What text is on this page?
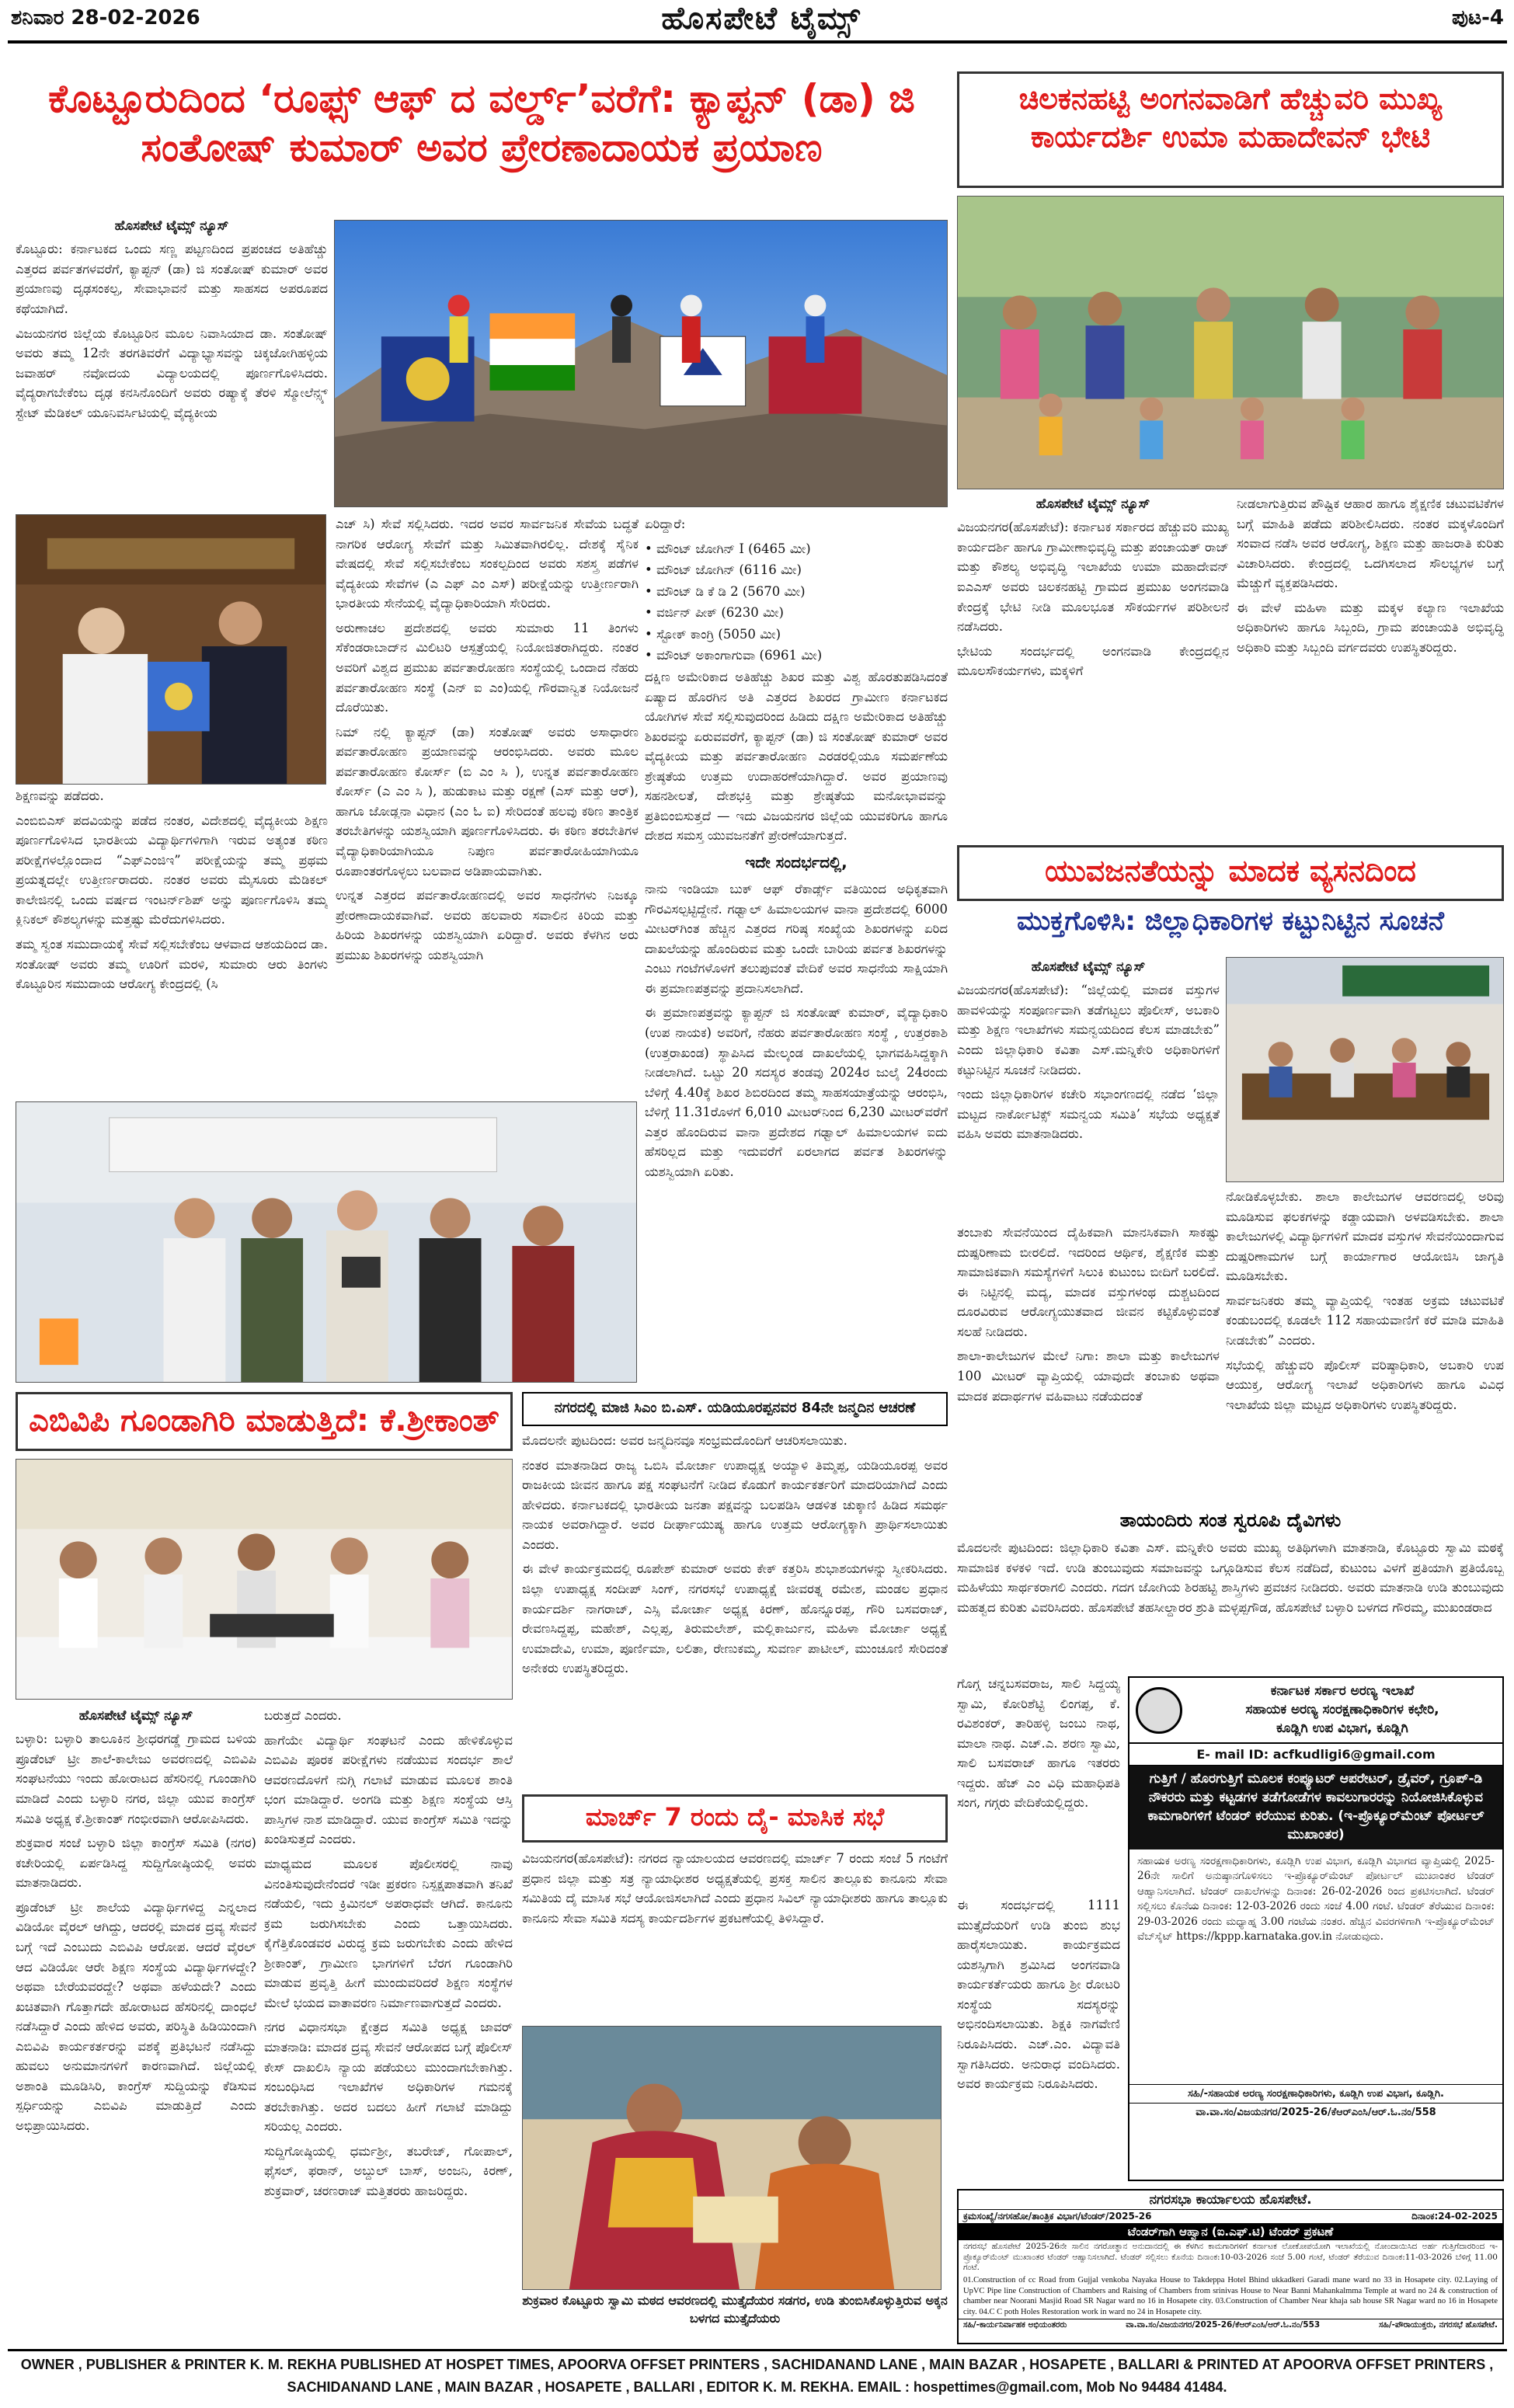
ಶನಿವಾರ 28-02-2026	ಹೊಸಪೇಟೆ ಟೈಮ್ಸ್	ಪುಟ-4
ಕೊಟ್ಟೂರುದಿಂದ ‘ರೂಫ್ಸ್ ಆಫ್ ದ ವರ್ಲ್ಡ್’ವರೆಗೆ: ಕ್ಯಾಪ್ಟನ್ (ಡಾ) ಜಿ ಸಂತೋಷ್ ಕುಮಾರ್ ಅವರ ಪ್ರೇರಣಾದಾಯಕ ಪ್ರಯಾಣ
ಹೊಸಪೇಟೆ ಟೈಮ್ಸ್ ನ್ಯೂಸ್

ಕೊಟ್ಟೂರು: ಕರ್ನಾಟಕದ ಒಂದು ಸಣ್ಣ ಪಟ್ಟಣದಿಂದ ಪ್ರಪಂಚದ ಅತಿಹೆಚ್ಚು ಎತ್ತರದ ಪರ್ವತಗಳವರೆಗೆ, ಕ್ಯಾಪ್ಟನ್ (ಡಾ) ಜಿ ಸಂತೋಷ್ ಕುಮಾರ್ ಅವರ ಪ್ರಯಾಣವು ದೃಢಸಂಕಲ್ಪ, ಸೇವಾಭಾವನೆ ಮತ್ತು ಸಾಹಸದ ಅಪರೂಪದ ಕಥೆಯಾಗಿದೆ.

ವಿಜಯನಗರ ಜಿಲ್ಲೆಯ ಕೊಟ್ಟೂರಿನ ಮೂಲ ನಿವಾಸಿಯಾದ ಡಾ. ಸಂತೋಷ್ ಅವರು ತಮ್ಮ 12ನೇ ತರಗತಿವರೆಗೆ ವಿದ್ಯಾಭ್ಯಾಸವನ್ನು ಚಿಕ್ಕಜೋಗಿಹಳ್ಳಿಯ ಜವಾಹರ್ ನವೋದಯ ವಿದ್ಯಾಲಯದಲ್ಲಿ ಪೂರ್ಣಗೊಳಿಸಿದರು. ವೈದ್ಯರಾಗಬೇಕೆಂಬ ದೃಢ ಕನಸಿನೊಂದಿಗೆ ಅವರು ರಷ್ಯಾಕ್ಕೆ ತೆರಳಿ ಸ್ಮೋಲೆನ್ಸ್ಕ್ ಸ್ಟೇಟ್ ಮೆಡಿಕಲ್ ಯೂನಿವರ್ಸಿಟಿಯಲ್ಲಿ ವೈದ್ಯಕೀಯ

ಶಿಕ್ಷಣವನ್ನು ಪಡೆದರು.

ಎಂಬಿಬಿಎಸ್ ಪದವಿಯನ್ನು ಪಡೆದ ನಂತರ, ವಿದೇಶದಲ್ಲಿ ವೈದ್ಯಕೀಯ ಶಿಕ್ಷಣ ಪೂರ್ಣಗೊಳಿಸಿದ ಭಾರತೀಯ ವಿದ್ಯಾರ್ಥಿಗಳಿಗಾಗಿ ಇರುವ ಅತ್ಯಂತ ಕಠಿಣ ಪರೀಕ್ಷೆಗಳಲ್ಲೊಂದಾದ “ಎಫ್‌ಎಂಜಿಇ” ಪರೀಕ್ಷೆಯನ್ನು ತಮ್ಮ ಪ್ರಥಮ ಪ್ರಯತ್ನದಲ್ಲೇ ಉತ್ತೀರ್ಣರಾದರು. ನಂತರ ಅವರು ಮೈಸೂರು ಮೆಡಿಕಲ್ ಕಾಲೇಜಿನಲ್ಲಿ ಒಂದು ವರ್ಷದ ಇಂಟರ್ನ್‌ಶಿಪ್ ಅನ್ನು ಪೂರ್ಣಗೊಳಿಸಿ ತಮ್ಮ ಕ್ಲಿನಿಕಲ್ ಕೌಶಲ್ಯಗಳನ್ನು ಮತ್ತಷ್ಟು ಮೆರೆದುಗಳಿಸಿದರು.

ತಮ್ಮ ಸ್ವಂತ ಸಮುದಾಯಕ್ಕೆ ಸೇವೆ ಸಲ್ಲಿಸಬೇಕೆಂಬ ಆಳವಾದ ಆಶಯದಿಂದ ಡಾ. ಸಂತೋಷ್ ಅವರು ತಮ್ಮ ಊರಿಗೆ ಮರಳಿ, ಸುಮಾರು ಆರು ತಿಂಗಳು ಕೊಟ್ಟೂರಿನ ಸಮುದಾಯ ಆರೋಗ್ಯ ಕೇಂದ್ರದಲ್ಲಿ (ಸಿ

ಎಚ್ ಸಿ) ಸೇವೆ ಸಲ್ಲಿಸಿದರು. ಇದರ ಅವರ ಸಾರ್ವಜನಿಕ ಸೇವೆಯ ಬದ್ಧತೆ ನಾಗರಿಕ ಆರೋಗ್ಯ ಸೇವೆಗೆ ಮತ್ತು ಸಿಮಿತವಾಗಿರಲಿಲ್ಲ. ದೇಶಕ್ಕೆ ಸೈನಿಕ ವೇಷದಲ್ಲಿ ಸೇವೆ ಸಲ್ಲಿಸಬೇಕೆಂಬ ಸಂಕಲ್ಪದಿಂದ ಅವರು ಸಶಸ್ತ್ರ ಪಡೆಗಳ ವೈದ್ಯಕೀಯ ಸೇವೆಗಳ (ಎ ಎಫ್ ಎಂ ಎಸ್) ಪರೀಕ್ಷೆಯನ್ನು ಉತ್ತೀರ್ಣರಾಗಿ ಭಾರತೀಯ ಸೇನೆಯಲ್ಲಿ ವೈದ್ಯಾಧಿಕಾರಿಯಾಗಿ ಸೇರಿದರು.

ಅರುಣಾಚಲ ಪ್ರದೇಶದಲ್ಲಿ ಅವರು ಸುಮಾರು 11 ತಿಂಗಳು ಸೆಕೆಂಡರಾಬಾದ್‌ನ ಮಿಲಿಟರಿ ಆಸ್ಪತ್ರೆಯಲ್ಲಿ ನಿಯೋಜಿತರಾಗಿದ್ದರು. ನಂತರ ಅವರಿಗೆ ವಿಶ್ವದ ಪ್ರಮುಖ ಪರ್ವತಾರೋಹಣ ಸಂಸ್ಥೆಯಲ್ಲಿ ಒಂದಾದ ನೆಹರು ಪರ್ವತಾರೋಹಣ ಸಂಸ್ಥೆ (ಎನ್ ಐ ಎಂ)ಯಲ್ಲಿ ಗೌರವಾನ್ವಿತ ನಿಯೋಜನೆ ದೊರೆಯಿತು.

ನಿಮ್ ನಲ್ಲಿ ಕ್ಯಾಪ್ಟನ್ (ಡಾ) ಸಂತೋಷ್ ಅವರು ಅಸಾಧಾರಣ ಪರ್ವತಾರೋಹಣ ಪ್ರಯಾಣವನ್ನು ಆರಂಭಿಸಿದರು. ಅವರು ಮೂಲ ಪರ್ವತಾರೋಹಣ ಕೋರ್ಸ್ (ಬಿ ಎಂ ಸಿ ), ಉನ್ನತ ಪರ್ವತಾರೋಹಣ ಕೋರ್ಸ್ (ಎ ಎಂ ಸಿ ), ಹುಡುಕಾಟ ಮತ್ತು ರಕ್ಷಣೆ (ಎಸ್ ಮತ್ತು ಆರ್), ಹಾಗೂ ಜೋಡ್ಲನಾ ವಿಧಾನ (ಎಂ ಓ ಐ) ಸೇರಿದಂತೆ ಹಲವು ಕಠಿಣ ತಾಂತ್ರಿಕ ತರಬೇತಿಗಳನ್ನು ಯಶಸ್ವಿಯಾಗಿ ಪೂರ್ಣಗೊಳಿಸಿದರು. ಈ ಕಠಿಣ ತರಬೇತಿಗಳ ವೈದ್ಯಾಧಿಕಾರಿಯಾಗಿಯೂ ನಿಪುಣ ಪರ್ವತಾರೋಹಿಯಾಗಿಯೂ ರೂಪಾಂತರಗೊಳ್ಳಲು ಬಲವಾದ ಅಡಿಪಾಯವಾಗಿತು.

ಉನ್ನತ ಎತ್ತರದ ಪರ್ವತಾರೋಹಣದಲ್ಲಿ ಅವರ ಸಾಧನೆಗಳು ನಿಜಕ್ಕೂ ಪ್ರೇರಣಾದಾಯಕವಾಗಿವೆ. ಅವರು ಹಲವಾರು ಸವಾಲಿನ ಕಿರಿಯ ಮತ್ತು ಹಿರಿಯ ಶಿಖರಗಳನ್ನು ಯಶಸ್ವಿಯಾಗಿ ಏರಿದ್ದಾರೆ. ಅವರು ಕೆಳಗಿನ ಅರು ಪ್ರಮುಖ ಶಿಖರಗಳನ್ನು ಯಶಸ್ವಿಯಾಗಿ

ಏರಿದ್ದಾರೆ:

• ಮೌಂಟ್ ಜೋಗಿನ್ I (6465 ಮೀ)
• ಮೌಂಟ್ ಜೋಗಿನ್ (6116 ಮೀ)
• ಮೌಂಟ್ ಡಿ ಕೆ ಡಿ 2 (5670 ಮೀ)
• ವರ್ಜಿನ್ ಪೀಕ್ (6230 ಮೀ)
• ಸ್ಟೋಕ್ ಕಾಂಗ್ರಿ (5050 ಮೀ)
• ಮೌಂಟ್ ಅಕಾಂಗಾಗುವಾ (6961 ಮೀ)

ದಕ್ಷಿಣ ಅಮೇರಿಕಾದ ಅತಿಹೆಚ್ಚು ಶಿಖರ ಮತ್ತು ವಿಶ್ವ ಹೊರತುಪಡಿಸಿದಂತೆ ಏಷ್ಯಾದ ಹೊರಗಿನ ಅತಿ ಎತ್ತರದ ಶಿಖರದ ಗ್ರಾಮೀಣ ಕರ್ನಾಟಕದ ಯೋಗಿಗಳ ಸೇವೆ ಸಲ್ಲಿಸುವುದರಿಂದ ಹಿಡಿದು ದಕ್ಷಿಣ ಅಮೇರಿಕಾದ ಅತಿಹೆಚ್ಚು ಶಿಖರವನ್ನು ಏರುವವರೆಗೆ, ಕ್ಯಾಪ್ಟನ್ (ಡಾ) ಜಿ ಸಂತೋಷ್ ಕುಮಾರ್ ಅವರ ವೈದ್ಯಕೀಯ ಮತ್ತು ಪರ್ವತಾರೋಹಣ ಎರಡರಲ್ಲಿಯೂ ಸಮರ್ಪಣೆಯ ಶ್ರೇಷ್ಠತೆಯ ಉತ್ತಮ ಉದಾಹರಣೆಯಾಗಿದ್ದಾರೆ. ಅವರ ಪ್ರಯಾಣವು ಸಹನಶೀಲತೆ, ದೇಶಭಕ್ತಿ ಮತ್ತು ಶ್ರೇಷ್ಠತೆಯ ಮನೋಭಾವವನ್ನು ಪ್ರತಿಬಿಂಬಿಸುತ್ತದೆ — ಇದು ವಿಜಯನಗರ ಜಿಲ್ಲೆಯ ಯುವಕರಿಗೂ ಹಾಗೂ ದೇಶದ ಸಮಸ್ತ ಯುವಜನತೆಗೆ ಪ್ರೇರಣೆಯಾಗುತ್ತದೆ.

ಇದೇ ಸಂದರ್ಭದಲ್ಲಿ,

ನಾನು ಇಂಡಿಯಾ ಬುಕ್ ಆಫ್ ರೆಕಾರ್ಡ್ಸ್ ವತಿಯಿಂದ ಅಧಿಕೃತವಾಗಿ ಗೌರವಿಸಲ್ಪಟ್ಟಿದ್ದೇನೆ. ಗಢ್ವಾಲ್ ಹಿಮಾಲಯಗಳ ವಾನಾ ಪ್ರದೇಶದಲ್ಲಿ 6000 ಮೀಟರ್‌ಗಿಂತ ಹೆಚ್ಚಿನ ಎತ್ತರದ ಗರಿಷ್ಠ ಸಂಖ್ಯೆಯ ಶಿಖರಗಳನ್ನು ಏರಿದ ದಾಖಲೆಯನ್ನು ಹೊಂದಿರುವ ಮತ್ತು ಒಂದೇ ಬಾರಿಯ ಪರ್ವತ ಶಿಖರಗಳನ್ನು ಎಂಟು ಗಂಟೆಗಳೊಳಗೆ ತಲುಪುವಂತೆ ವೇದಿಕೆ ಅವರ ಸಾಧನೆಯ ಸಾಕ್ಷಿಯಾಗಿ ಈ ಪ್ರಮಾಣಪತ್ರವನ್ನು ಪ್ರದಾನಿಸಲಾಗಿದೆ.

ಈ ಪ್ರಮಾಣಪತ್ರವನ್ನು ಕ್ಯಾಪ್ಟನ್ ಜಿ ಸಂತೋಷ್ ಕುಮಾರ್, ವೈದ್ಯಾಧಿಕಾರಿ (ಉಪ ನಾಯಕ) ಅವರಿಗೆ, ನೆಹರು ಪರ್ವತಾರೋಹಣ ಸಂಸ್ಥೆ , ಉತ್ತರಕಾಶಿ (ಉತ್ತರಾಖಂಡ) ಸ್ಥಾಪಿಸಿದ ಮೇಲ್ಕಂಡ ದಾಖಲೆಯಲ್ಲಿ ಭಾಗವಹಿಸಿದ್ದಕ್ಕಾಗಿ ನೀಡಲಾಗಿದೆ. ಒಟ್ಟು 20 ಸದಸ್ಯರ ತಂಡವು 2024ರ ಜುಲೈ 24ರಂದು ಬೆಳಿಗ್ಗೆ 4.40ಕ್ಕೆ ಶಿಖರ ಶಿಬಿರದಿಂದ ತಮ್ಮ ಸಾಹಸಯಾತ್ರೆಯನ್ನು ಆರಂಭಿಸಿ, ಬೆಳಿಗ್ಗೆ 11.31ರೊಳಗೆ 6,010 ಮೀಟರ್‌ನಿಂದ 6,230 ಮೀಟರ್‌ವರೆಗೆ ಎತ್ತರ ಹೊಂದಿರುವ ವಾನಾ ಪ್ರದೇಶದ ಗಢ್ವಾಲ್ ಹಿಮಾಲಯಗಳ ಐದು ಹೆಸರಿಲ್ಲದ ಮತ್ತು ಇದುವರೆಗೆ ಏರಲಾಗದ ಪರ್ವತ ಶಿಖರಗಳನ್ನು ಯಶಸ್ವಿಯಾಗಿ ಏರಿತು.

ಚಿಲಕನಹಟ್ಟಿ ಅಂಗನವಾಡಿಗೆ ಹೆಚ್ಚುವರಿ ಮುಖ್ಯ ಕಾರ್ಯದರ್ಶಿ ಉಮಾ ಮಹಾದೇವನ್ ಭೇಟಿ
ಹೊಸಪೇಟೆ ಟೈಮ್ಸ್ ನ್ಯೂಸ್

ವಿಜಯನಗರ(ಹೊಸಪೇಟೆ): ಕರ್ನಾಟಕ ಸರ್ಕಾರದ ಹೆಚ್ಚುವರಿ ಮುಖ್ಯ ಕಾರ್ಯದರ್ಶಿ ಹಾಗೂ ಗ್ರಾಮೀಣಾಭಿವೃದ್ಧಿ ಮತ್ತು ಪಂಚಾಯತ್ ರಾಜ್ ಮತ್ತು ಕೌಶಲ್ಯ ಅಭಿವೃದ್ಧಿ ಇಲಾಖೆಯ ಉಮಾ ಮಹಾದೇವನ್ ಐಎಎಸ್ ಅವರು ಚಿಲಕನಹಟ್ಟಿ ಗ್ರಾಮದ ಪ್ರಮುಖ ಅಂಗನವಾಡಿ ಕೇಂದ್ರಕ್ಕೆ ಭೇಟಿ ನೀಡಿ ಮೂಲಭೂತ ಸೌಕರ್ಯಗಳ ಪರಿಶೀಲನೆ ನಡೆಸಿದರು.

ಭೇಟಿಯ ಸಂದರ್ಭದಲ್ಲಿ ಅಂಗನವಾಡಿ ಕೇಂದ್ರದಲ್ಲಿನ ಮೂಲಸೌಕರ್ಯಗಳು, ಮಕ್ಕಳಿಗೆ

ನೀಡಲಾಗುತ್ತಿರುವ ಪೌಷ್ಟಿಕ ಆಹಾರ ಹಾಗೂ ಶೈಕ್ಷಣಿಕ ಚಟುವಟಿಕೆಗಳ ಬಗ್ಗೆ ಮಾಹಿತಿ ಪಡೆದು ಪರಿಶೀಲಿಸಿದರು. ನಂತರ ಮಕ್ಕಳೊಂದಿಗೆ ಸಂವಾದ ನಡೆಸಿ ಅವರ ಆರೋಗ್ಯ, ಶಿಕ್ಷಣ ಮತ್ತು ಹಾಜರಾತಿ ಕುರಿತು ವಿಚಾರಿಸಿದರು. ಕೇಂದ್ರದಲ್ಲಿ ಒದಗಿಸಲಾದ ಸೌಲಭ್ಯಗಳ ಬಗ್ಗೆ ಮೆಚ್ಚುಗೆ ವ್ಯಕ್ತಪಡಿಸಿದರು.

ಈ ವೇಳೆ ಮಹಿಳಾ ಮತ್ತು ಮಕ್ಕಳ ಕಲ್ಯಾಣ ಇಲಾಖೆಯ ಅಧಿಕಾರಿಗಳು ಹಾಗೂ ಸಿಬ್ಬಂದಿ, ಗ್ರಾಮ ಪಂಚಾಯತಿ ಅಭಿವೃದ್ಧಿ ಅಧಿಕಾರಿ ಮತ್ತು ಸಿಬ್ಬಂದಿ ವರ್ಗದವರು ಉಪಸ್ಥಿತರಿದ್ದರು.

ಯುವಜನತೆಯನ್ನು ಮಾದಕ ವ್ಯಸನದಿಂದ
ಮುಕ್ತಗೊಳಿಸಿ: ಜಿಲ್ಲಾಧಿಕಾರಿಗಳ ಕಟ್ಟುನಿಟ್ಟಿನ ಸೂಚನೆ
ಹೊಸಪೇಟೆ ಟೈಮ್ಸ್ ನ್ಯೂಸ್

ವಿಜಯನಗರ(ಹೊಸಪೇಟೆ): “ಜಿಲ್ಲೆಯಲ್ಲಿ ಮಾದಕ ವಸ್ತುಗಳ ಹಾವಳಿಯನ್ನು ಸಂಪೂರ್ಣವಾಗಿ ತಡೆಗಟ್ಟಲು ಪೊಲೀಸ್, ಅಬಕಾರಿ ಮತ್ತು ಶಿಕ್ಷಣ ಇಲಾಖೆಗಳು ಸಮನ್ವಯದಿಂದ ಕೆಲಸ ಮಾಡಬೇಕು” ಎಂದು ಜಿಲ್ಲಾಧಿಕಾರಿ ಕವಿತಾ ಎಸ್.ಮನ್ನಿಕೇರಿ ಅಧಿಕಾರಿಗಳಿಗೆ ಕಟ್ಟುನಿಟ್ಟಿನ ಸೂಚನೆ ನೀಡಿದರು.

ಇಂದು ಜಿಲ್ಲಾಧಿಕಾರಿಗಳ ಕಚೇರಿ ಸಭಾಂಗಣದಲ್ಲಿ ನಡೆದ ‘ಜಿಲ್ಲಾ ಮಟ್ಟದ ನಾರ್ಕೋಟಿಕ್ಸ್ ಸಮನ್ವಯ ಸಮಿತಿ’ ಸಭೆಯ ಅಧ್ಯಕ್ಷತೆ ವಹಿಸಿ ಅವರು ಮಾತನಾಡಿದರು.

ತಂಬಾಕು ಸೇವನೆಯಿಂದ ದೈಹಿಕವಾಗಿ ಮಾನಸಿಕವಾಗಿ ಸಾಕಷ್ಟು ದುಷ್ಪರಿಣಾಮ ಬೀರಲಿದೆ. ಇದರಿಂದ ಆರ್ಥಿಕ, ಶೈಕ್ಷಣಿಕ ಮತ್ತು ಸಾಮಾಜಿಕವಾಗಿ ಸಮಸ್ಯೆಗಳಿಗೆ ಸಿಲುಕಿ ಕುಟುಂಬ ಬೀದಿಗೆ ಬರಲಿದೆ. ಈ ನಿಟ್ಟಿನಲ್ಲಿ ಮದ್ಯ, ಮಾದಕ ವಸ್ತುಗಳಂಥ ದುಶ್ಚಟದಿಂದ ದೂರವಿರುವ ಆರೋಗ್ಯಯುತವಾದ ಜೀವನ ಕಟ್ಟಿಕೊಳ್ಳುವಂತೆ ಸಲಹೆ ನೀಡಿದರು.

ಶಾಲಾ-ಕಾಲೇಜುಗಳ ಮೇಲೆ ನಿಗಾ: ಶಾಲಾ ಮತ್ತು ಕಾಲೇಜುಗಳ 100 ಮೀಟರ್ ವ್ಯಾಪ್ತಿಯಲ್ಲಿ ಯಾವುದೇ ತಂಬಾಕು ಅಥವಾ ಮಾದಕ ಪದಾರ್ಥಗಳ ವಹಿವಾಟು ನಡೆಯದಂತೆ

ನೋಡಿಕೊಳ್ಳಬೇಕು. ಶಾಲಾ ಕಾಲೇಜುಗಳ ಆವರಣದಲ್ಲಿ ಅರಿವು ಮೂಡಿಸುವ ಫಲಕಗಳನ್ನು ಕಡ್ಡಾಯವಾಗಿ ಅಳವಡಿಸಬೇಕು. ಶಾಲಾ ಕಾಲೇಜುಗಳಲ್ಲಿ ವಿದ್ಯಾರ್ಥಿಗಳಿಗೆ ಮಾದಕ ವಸ್ತುಗಳ ಸೇವನೆಯಿಂದಾಗುವ ದುಷ್ಪರಿಣಾಮಗಳ ಬಗ್ಗೆ ಕಾರ್ಯಾಗಾರ ಆಯೋಜಿಸಿ ಜಾಗೃತಿ ಮೂಡಿಸಬೇಕು.

ಸಾರ್ವಜನಿಕರು ತಮ್ಮ ವ್ಯಾಪ್ತಿಯಲ್ಲಿ ಇಂತಹ ಅಕ್ರಮ ಚಟುವಟಿಕೆ ಕಂಡುಬಂದಲ್ಲಿ ಕೂಡಲೇ 112 ಸಹಾಯವಾಣಿಗೆ ಕರೆ ಮಾಡಿ ಮಾಹಿತಿ ನೀಡಬೇಕು” ಎಂದರು.

ಸಭೆಯಲ್ಲಿ ಹೆಚ್ಚುವರಿ ಪೊಲೀಸ್ ವರಿಷ್ಠಾಧಿಕಾರಿ, ಅಬಕಾರಿ ಉಪ ಆಯುಕ್ತ, ಆರೋಗ್ಯ ಇಲಾಖೆ ಅಧಿಕಾರಿಗಳು ಹಾಗೂ ವಿವಿಧ ಇಲಾಖೆಯ ಜಿಲ್ಲಾ ಮಟ್ಟದ ಅಧಿಕಾರಿಗಳು ಉಪಸ್ಥಿತರಿದ್ದರು.

ತಾಯಂದಿರು ಸಂತ ಸ್ವರೂಪಿ ದೈವಿಗಳು
ಮೊದಲನೇ ಪುಟದಿಂದ: ಜಿಲ್ಲಾಧಿಕಾರಿ ಕವಿತಾ ಎಸ್. ಮನ್ನಿಕೇರಿ ಅವರು ಮುಖ್ಯ ಅತಿಥಿಗಳಾಗಿ ಮಾತನಾಡಿ, ಕೊಟ್ಟೂರು ಸ್ವಾಮಿ ಮಠಕ್ಕೆ ಸಾಮಾಜಿಕ ಕಳಕಳಿ ಇದೆ. ಉಡಿ ತುಂಬುವುದು ಸಮಾಜವನ್ನು ಒಗ್ಗೂಡಿಸುವ ಕೆಲಸ ನಡೆದಿದೆ, ಕುಟುಂಬ ವಿಳಗೆ ಪ್ರತಿಯಾಗಿ ಪ್ರತಿಯೊಬ್ಬ ಮಹಿಳೆಯು ಸಾರ್ಥಕರಾಗಲಿ ಎಂದರು. ಗದಗ ಜೋಗಿಯ ಶಿರಹಟ್ಟಿ ಶಾಸ್ತ್ರಿಗಳು ಪ್ರವಚನ ನೀಡಿದರು. ಅವರು ಮಾತನಾಡಿ ಉಡಿ ತುಂಬುವುದು ಮಹತ್ವದ ಕುರಿತು ವಿವರಿಸಿದರು. ಹೊಸಪೇಟೆ ತಹಸೀಲ್ದಾರರ ಶ್ರುತಿ ಮಳ್ಳಪ್ಪಗೌಡ, ಹೊಸಪೇಟೆ ಬಳ್ಳಾರಿ ಬಳಗದ ಗೌರಮ್ಮ, ಮುಖಂಡರಾದ
ಗೊಗ್ಗ ಚನ್ನಬಸವರಾಜ, ಸಾಲಿ ಸಿದ್ದಯ್ಯ ಸ್ವಾಮಿ, ಕೋರಿಶೆಟ್ಟಿ ಲಿಂಗಪ್ಪ, ಕೆ. ರವಿಶಂಕರ್, ತಾರಿಹಳ್ಳಿ ಜಂಬು ನಾಥ, ಮಾಲಾ ನಾಥ. ಎಚ್.ಎ. ಶರಣ ಸ್ವಾಮಿ, ಸಾಲಿ ಬಸವರಾಜ್ ಹಾಗೂ ಇತರರು ಇದ್ದರು. ಹೆಚ್ ಎಂ ವಿಧಿ ಮಹಾಧಿಪತಿ ಸಂಗ, ಗಗ್ಗರು ವೇದಿಕೆಯಲ್ಲಿದ್ದರು.
ಈ ಸಂದರ್ಭದಲ್ಲಿ 1111 ಮುತ್ತೈದೆಯರಿಗೆ ಉಡಿ ತುಂಬಿ ಶುಭ ಹಾರೈಸಲಾಯಿತು. ಕಾರ್ಯಕ್ರಮದ ಯಶಸ್ಸಿಗಾಗಿ ಶ್ರಮಿಸಿದ ಅಂಗನವಾಡಿ ಕಾರ್ಯಕರ್ತೆಯರು ಹಾಗೂ ಶ್ರೀ ರೋಟರಿ ಸಂಸ್ಥೆಯ ಸದಸ್ಯರನ್ನು ಅಭಿನಂದಿಸಲಾಯಿತು. ಶಿಕ್ಷಕಿ ನಾಗವೇಣಿ ನಿರೂಪಿಸಿದರು. ಎಚ್.ಎಂ. ವಿದ್ಯಾವತಿ ಸ್ವಾಗತಿಸಿದರು. ಅನುರಾಧ ವಂದಿಸಿದರು. ಅವರ ಕಾರ್ಯಕ್ರಮ ನಿರೂಪಿಸಿದರು.
ಕರ್ನಾಟಕ ಸರ್ಕಾರ ಅರಣ್ಯ ಇಲಾಖೆ
ಸಹಾಯಕ ಅರಣ್ಯ ಸಂರಕ್ಷಣಾಧಿಕಾರಿಗಳ ಕಛೇರಿ,
ಕೂಡ್ಲಿಗಿ ಉಪ ವಿಭಾಗ, ಕೂಡ್ಲಿಗಿ
E- mail ID: acfkudligi6@gmail.com
ಗುತ್ತಿಗೆ / ಹೊರಗುತ್ತಿಗೆ ಮೂಲಕ ಕಂಪ್ಯೂಟರ್ ಆಪರೇಟರ್, ಡ್ರೈವರ್, ಗ್ರೂಪ್-ಡಿ ನೌಕರರು ಮತ್ತು ಕಟ್ಟಡಗಳ ತಡೆಗೋಡೆಗಳ ಕಾವಲುಗಾರರನ್ನು ನಿಯೋಜಿಸಿಕೊಳ್ಳುವ ಕಾಮಗಾರಿಗಳಿಗೆ ಟೆಂಡರ್ ಕರೆಯುವ ಕುರಿತು. (ಇ-ಪ್ರೊಕ್ಯೂರ್‌ಮೆಂಟ್ ಪೋರ್ಟಲ್ ಮುಖಾಂತರ)
ಸಹಾಯಕ ಅರಣ್ಯ ಸಂರಕ್ಷಣಾಧಿಕಾರಿಗಳು, ಕೂಡ್ಲಿಗಿ ಉಪ ವಿಭಾಗ, ಕೂಡ್ಲಿಗಿ ವಿಭಾಗದ ವ್ಯಾಪ್ತಿಯಲ್ಲಿ 2025-26ನೇ ಸಾಲಿಗೆ ಅನುಷ್ಠಾನಗೊಳಿಸಲು ಇ-ಪ್ರೊಕ್ಯೂರ್‌ಮೆಂಟ್ ಪೋರ್ಟಲ್ ಮುಖಾಂತರ ಟೆಂಡರ್ ಆಹ್ವಾನಿಸಲಾಗಿದೆ. ಟೆಂಡರ್ ದಾಖಲೆಗಳನ್ನು ದಿನಾಂಕ: 26-02-2026 ರಿಂದ ಪ್ರಕಟಿಸಲಾಗಿದೆ. ಟೆಂಡರ್ ಸಲ್ಲಿಸಲು ಕೊನೆಯ ದಿನಾಂಕ: 12-03-2026 ರಂದು ಸಂಜೆ 4.00 ಗಂಟೆ. ಟೆಂಡರ್ ತೆರೆಯುವ ದಿನಾಂಕ: 29-03-2026 ರಂದು ಮಧ್ಯಾಹ್ನ 3.00 ಗಂಟೆಯ ನಂತರ. ಹೆಚ್ಚಿನ ವಿವರಗಳಿಗಾಗಿ ಇ-ಪ್ರೊಕ್ಯೂರ್‌ಮೆಂಟ್ ವೆಬ್‌ಸೈಟ್ https://kppp.karnataka.gov.in ನೋಡುವುದು.
ಸಹಿ/-ಸಹಾಯಕ ಅರಣ್ಯ ಸಂರಕ್ಷಣಾಧಿಕಾರಿಗಳು, ಕೂಡ್ಲಿಗಿ ಉಪ ವಿಭಾಗ, ಕೂಡ್ಲಿಗಿ.
ವಾ.ವಾ.ಸಂ/ವಿಜಯನಗರ/2025-26/ಕೆಆರ್‌ಎಂಸಿ/ಆರ್.ಓ.ನಂ/558
ಎಬಿವಿಪಿ ಗೂಂಡಾಗಿರಿ ಮಾಡುತ್ತಿದೆ: ಕೆ.ಶ್ರೀಕಾಂತ್
ಹೊಸಪೇಟೆ ಟೈಮ್ಸ್ ನ್ಯೂಸ್

ಬಳ್ಳಾರಿ: ಬಳ್ಳಾರಿ ತಾಲೂಕಿನ ಶ್ರೀಧರಗಡ್ಡೆ ಗ್ರಾಮದ ಬಳಿಯ ಪ್ರೂಡೆಂಟ್ ಟ್ರೀ ಶಾಲೆ-ಕಾಲೇಜು ಅವರಣದಲ್ಲಿ ಎಬಿವಿಪಿ ಸಂಘಟನೆಯು ಇಂದು ಹೋರಾಟದ ಹೆಸರಿನಲ್ಲಿ ಗೂಂಡಾಗಿರಿ ಮಾಡಿದೆ ಎಂದು ಬಳ್ಳಾರಿ ನಗರ, ಜಿಲ್ಲಾ ಯುವ ಕಾಂಗ್ರೆಸ್ ಸಮಿತಿ ಅಧ್ಯಕ್ಷ ಕೆ.ಶ್ರೀಕಾಂತ್ ಗಂಭೀರವಾಗಿ ಆರೋಪಿಸಿದರು.

ಶುಕ್ರವಾರ ಸಂಜೆ ಬಳ್ಳಾರಿ ಜಿಲ್ಲಾ ಕಾಂಗ್ರೆಸ್ ಸಮಿತಿ (ನಗರ) ಕಚೇರಿಯಲ್ಲಿ ಏರ್ಪಡಿಸಿದ್ದ ಸುದ್ದಿಗೋಷ್ಠಿಯಲ್ಲಿ ಅವರು ಮಾತನಾಡಿದರು.

ಪ್ರೂಡೆಂಟ್ ಟ್ರೀ ಶಾಲೆಯ ವಿದ್ಯಾರ್ಥಿಗಳಿದ್ದ ಎನ್ನಲಾದ ವಿಡಿಯೋ ವೈರಲ್ ಆಗಿದ್ದು, ಆದರಲ್ಲಿ ಮಾದಕ ದ್ರವ್ಯ ಸೇವನೆ ಬಗ್ಗೆ ಇದೆ ಎಂಬುದು ಎಬಿವಿಪಿ ಆರೋಪ. ಆದರೆ ವೈರಲ್ ಆದ ವಿಡಿಯೋ ಆರೇ ಶಿಕ್ಷಣ ಸಂಸ್ಥೆಯ ವಿದ್ಯಾರ್ಥಿಗಳದ್ದೇ? ಅಥವಾ ಬೇರೆಯವರದ್ದೇ? ಅಥವಾ ಹಳೆಯದೇ? ಎಂದು ಖಚಿತವಾಗಿ ಗೊತ್ತಾಗದೇ ಹೋರಾಟದ ಹೆಸರಿನಲ್ಲಿ ದಾಂಧಲೆ ನಡೆಸಿದ್ದಾರೆ ಎಂದು ಹೇಳಿದ ಅವರು, ಪರಿಸ್ಥಿತಿ ಹಿಡಿಯಿಂದಾಗಿ ಎಬಿವಿಪಿ ಕಾರ್ಯಕರ್ತರನ್ನು ವಶಕ್ಕೆ ಪ್ರತಿಭಟನೆ ನಡೆಸಿದ್ದು ಹುವಲು ಅನುಮಾನಗಳಿಗೆ ಕಾರಣವಾಗಿದೆ. ಜಿಲ್ಲೆಯಲ್ಲಿ ಅಶಾಂತಿ ಮೂಡಿಸಿರಿ, ಕಾಂಗ್ರೆಸ್ ಸುದ್ದಿಯನ್ನು ಕೆಡಿಸುವ ಸ್ಪರ್ಧಿಯನ್ನು ಎಬಿವಿಪಿ ಮಾಡುತ್ತಿದೆ ಎಂದು ಅಭಿಪ್ರಾಯಿಸಿದರು.

ಬರುತ್ತದೆ ಎಂದರು.

ಹಾಗೆಯೇ ವಿದ್ಯಾರ್ಥಿ ಸಂಘಟನೆ ಎಂದು ಹೇಳಿಕೊಳ್ಳುವ ಎಬಿವಿಪಿ ಪೂರಕ ಪರೀಕ್ಷೆಗಳು ನಡೆಯುವ ಸಂದರ್ಭ ಶಾಲೆ ಆವರಣದೊಳಗೆ ನುಗ್ಗಿ ಗಲಾಟೆ ಮಾಡುವ ಮೂಲಕ ಶಾಂತಿ ಭಂಗ ಮಾಡಿದ್ದಾರೆ. ಅಂಗಡಿ ಮತ್ತು ಶಿಕ್ಷಣ ಸಂಸ್ಥೆಯ ಆಸ್ತಿ ಪಾಸ್ತಿಗಳ ನಾಶ ಮಾಡಿದ್ದಾರೆ. ಯುವ ಕಾಂಗ್ರೆಸ್ ಸಮಿತಿ ಇದನ್ನು ಖಂಡಿಸುತ್ತದೆ ಎಂದರು.

ಮಾಧ್ಯಮದ ಮೂಲಕ ಪೊಲೀಸರಲ್ಲಿ ನಾವು ವಿನಂತಿಸುವುದೇನೆಂದರೆ ಇಡೀ ಪ್ರಕರಣ ನಿಸ್ಪಕ್ಷಪಾತವಾಗಿ ತನಿಖೆ ನಡೆಯಲಿ, ಇದು ಕ್ರಿಮಿನಲ್ ಅಪರಾಧವೇ ಆಗಿದೆ. ಕಾನೂನು ಕ್ರಮ ಜರುಗಿಸಬೇಕು ಎಂದು ಒತ್ತಾಯಿಸಿದರು. ಕೈಗೆತ್ತಿಕೊಂಡವರ ವಿರುದ್ಧ ಕ್ರಮ ಜರುಗಬೇಕು ಎಂದು ಹೇಳಿದ ಶ್ರೀಕಾಂತ್, ಗ್ರಾಮೀಣ ಭಾಗಗಳಿಗೆ ಬೆರಗ ಗೂಂಡಾಗಿರಿ ಮಾಡುವ ಪ್ರವೃತ್ತಿ ಹೀಗೆ ಮುಂದುವರಿದರೆ ಶಿಕ್ಷಣ ಸಂಸ್ಥೆಗಳ ಮೇಲೆ ಭಯದ ವಾತಾವರಣ ನಿರ್ಮಾಣವಾಗುತ್ತದೆ ಎಂದರು.

ನಗರ ವಿಧಾನಸಭಾ ಕ್ಷೇತ್ರದ ಸಮಿತಿ ಅಧ್ಯಕ್ಷ ಜಾವರ್ ಮಾತನಾಡಿ: ಮಾದಕ ದ್ರವ್ಯ ಸೇವನೆ ಆರೋಪದ ಬಗ್ಗೆ ಪೊಲೀಸ್ ಕೇಸ್ ದಾಖಲಿಸಿ ನ್ಯಾಯ ಪಡೆಯಲು ಮುಂದಾಗಬೇಕಾಗಿತ್ತು. ಸಂಬಂಧಿಸಿದ ಇಲಾಖೆಗಳ ಅಧಿಕಾರಿಗಳ ಗಮನಕ್ಕೆ ತರಬೇಕಾಗಿತ್ತು. ಅದರ ಬದಲು ಹೀಗೆ ಗಲಾಟೆ ಮಾಡಿದ್ದು ಸರಿಯಲ್ಲ ಎಂದರು.

ಸುದ್ದಿಗೋಷ್ಠಿಯಲ್ಲಿ ಧರ್ಮಶ್ರೀ, ತಬರೇಜ್, ಗೋಪಾಲ್, ಫೈಸಲ್, ಫರಾನ್, ಅಬ್ದುಲ್ ಬಾಸ್, ಅಂಜನಿ, ಕಿರಣ್, ಶುಕ್ರವಾರ್, ಚರಣರಾಜ್ ಮತ್ತಿತರರು ಹಾಜರಿದ್ದರು.

ನಗರದಲ್ಲಿ ಮಾಜಿ ಸಿಎಂ ಬಿ.ಎಸ್. ಯಡಿಯೂರಪ್ಪನವರ 84ನೇ ಜನ್ಮದಿನ ಆಚರಣೆ

ಮೊದಲನೇ ಪುಟದಿಂದ: ಅವರ ಜನ್ಮದಿನವೂ ಸಂಭ್ರಮದೊಂದಿಗೆ ಆಚರಿಸಲಾಯಿತು.

ನಂತರ ಮಾತನಾಡಿದ ರಾಜ್ಯ ಒಬಿಸಿ ಮೋರ್ಚಾ ಉಪಾಧ್ಯಕ್ಷ ಅಯ್ಯಾಳಿ ತಿಮ್ಮಪ್ಪ, ಯಡಿಯೂರಪ್ಪ ಅವರ ರಾಜಕೀಯ ಜೀವನ ಹಾಗೂ ಪಕ್ಷ ಸಂಘಟನೆಗೆ ನೀಡಿದ ಕೊಡುಗೆ ಕಾರ್ಯಕರ್ತರಿಗೆ ಮಾದರಿಯಾಗಿದೆ ಎಂದು ಹೇಳಿದರು. ಕರ್ನಾಟಕದಲ್ಲಿ ಭಾರತೀಯ ಜನತಾ ಪಕ್ಷವನ್ನು ಬಲಪಡಿಸಿ ಆಡಳಿತ ಚುಕ್ಕಾಣಿ ಹಿಡಿದ ಸಮರ್ಥ ನಾಯಕ ಅವರಾಗಿದ್ದಾರೆ. ಅವರ ದೀರ್ಘಾಯುಷ್ಯ ಹಾಗೂ ಉತ್ತಮ ಆರೋಗ್ಯಕ್ಕಾಗಿ ಪ್ರಾರ್ಥಿಸಲಾಯಿತು ಎಂದರು.

ಈ ವೇಳೆ ಕಾರ್ಯಕ್ರಮದಲ್ಲಿ ರೂಪೇಶ್ ಕುಮಾರ್ ಅವರು ಕೇಕ್ ಕತ್ತರಿಸಿ ಶುಭಾಶಯಗಳನ್ನು ಸ್ವೀಕರಿಸಿದರು. ಜಿಲ್ಲಾ ಉಪಾಧ್ಯಕ್ಷ ಸಂದೀಪ್ ಸಿಂಗ್, ನಗರಸಭೆ ಉಪಾಧ್ಯಕ್ಷೆ ಜೀವರತ್ನ ರಮೇಶ, ಮಂಡಲ ಪ್ರಧಾನ ಕಾರ್ಯದರ್ಶಿ ನಾಗರಾಜ್, ಎಸ್ಸಿ ಮೋರ್ಚಾ ಅಧ್ಯಕ್ಷ ಕಿರಣ್, ಹೊನ್ನೂರಪ್ಪ, ಗೌರಿ ಬಸವರಾಜ್, ರೇವಣಸಿದ್ದಪ್ಪ, ಮಹೇಶ್, ಎಲ್ಲಪ್ಪ, ತಿರುಮಲೇಶ್, ಮಲ್ಲಿಕಾರ್ಜುನ, ಮಹಿಳಾ ಮೋರ್ಚಾ ಅಧ್ಯಕ್ಷೆ ಉಮಾದೇವಿ, ಉಮಾ, ಪೂರ್ಣಿಮಾ, ಲಲಿತಾ, ರೇಣುಕಮ್ಮ, ಸುವರ್ಣ ಪಾಟೀಲ್, ಮುಂಚೂಣಿ ಸೇರಿದಂತೆ ಅನೇಕರು ಉಪಸ್ಥಿತರಿದ್ದರು.

ಮಾರ್ಚ್ 7 ರಂದು ದೈ- ಮಾಸಿಕ ಸಭೆ
ವಿಜಯನಗರ(ಹೊಸಪೇಟೆ): ನಗರದ ನ್ಯಾಯಾಲಯದ ಆವರಣದಲ್ಲಿ ಮಾರ್ಚ್ 7 ರಂದು ಸಂಜೆ 5 ಗಂಟೆಗೆ ಪ್ರಧಾನ ಜಿಲ್ಲಾ ಮತ್ತು ಸತ್ರ ನ್ಯಾಯಾಧೀಶರ ಅಧ್ಯಕ್ಷತೆಯಲ್ಲಿ ಪ್ರಸಕ್ತ ಸಾಲಿನ ತಾಲ್ಲೂಕು ಕಾನೂನು ಸೇವಾ ಸಮಿತಿಯ ದೈ ಮಾಸಿಕ ಸಭೆ ಆಯೋಜಿಸಲಾಗಿದೆ ಎಂದು ಪ್ರಧಾನ ಸಿವಿಲ್ ನ್ಯಾಯಾಧೀಶರು ಹಾಗೂ ತಾಲ್ಲೂಕು ಕಾನೂನು ಸೇವಾ ಸಮಿತಿ ಸದಸ್ಯ ಕಾರ್ಯದರ್ಶಿಗಳ ಪ್ರಕಟಣೆಯಲ್ಲಿ ತಿಳಿಸಿದ್ದಾರೆ.
ಶುಕ್ರವಾರ ಕೊಟ್ಟೂರು ಸ್ವಾಮಿ ಮಠದ ಆವರಣದಲ್ಲಿ ಮುತ್ತೈದೆಯರ ಸಡಗರ, ಉಡಿ ತುಂಬಿಸಿಕೊಳ್ಳುತ್ತಿರುವ ಅಕ್ಕನ ಬಳಗದ ಮುತ್ತೈದೆಯರು
ನಗರಸಭಾ ಕಾರ್ಯಾಲಯ ಹೊಸಪೇಟೆ.
ಕ್ರಮಸಂಖ್ಯೆ/ನಗಸಹೋ/ತಾಂತ್ರಿಕ ವಿಭಾಗ/ಟೆಂಡರ್/2025-26	ದಿನಾಂಕ:24-02-2025
ಟೆಂಡರ್‌ಗಾಗಿ ಆಹ್ವಾನ (ಐ.ಎಫ್.ಟಿ) ಟೆಂಡರ್ ಪ್ರಕಟಣೆ
ನಗರಸಭೆ ಹೊಸಪೇಟೆ 2025-26ನೇ ಸಾಲಿನ ನಗರೋತ್ಥಾನ ಅನುದಾನದಲ್ಲಿ ಈ ಕೆಳಗಿನ ಕಾಮಗಾರಿಗಳಿಗೆ ಕರ್ನಾಟಕ ಲೋಕೋಪಯೋಗಿ ಇಲಾಖೆಯಲ್ಲಿ ನೋಂದಾಯಿಸಿದ ಅರ್ಹ ಗುತ್ತಿಗೆದಾರರಿಂದ ಇ-ಪ್ರೊಕ್ಯೂರ್‌ಮೆಂಟ್ ಮುಖಾಂತರ ಟೆಂಡರ್ ಆಹ್ವಾನಿಸಲಾಗಿದೆ. ಟೆಂಡರ್ ಸಲ್ಲಿಸಲು ಕೊನೆಯ ದಿನಾಂಕ:10-03-2026 ಸಂಜೆ 5.00 ಗಂಟೆ, ಟೆಂಡರ್ ತೆರೆಯುವ ದಿನಾಂಕ:11-03-2026 ಬೆಳಿಗ್ಗೆ 11.00 ಗಂಟೆ.
01.Construction of cc Road from Gujjal venkoba Nayaka House to Takdeppa Hotel Bhind ukkadkeri Garadi mane ward no 33 in Hosapete city. 02.Laying of UpVC Pipe line Construction of Chambers and Raising of Chambers from srinivas House to Near Banni Mahankalmma Temple at ward no 24 & construction of chamber near Noorani Masjid Road SR Nagar ward no 16 in Hosapete city. 03.Construction of Chamber Near khaja sab house SR Nagar ward no 16 in Hosapete city. 04.C C poth Holes Restoration work in ward no 24 in Hosapete city.
ಸಹಿ/-ಕಾರ್ಯನಿರ್ವಾಹಕ ಅಭಿಯಂತರರು	ವಾ.ವಾ.ಸಂ/ವಿಜಯನಗರ/2025-26/ಕೆಆರ್‌ಎಂಸಿ/ಆರ್.ಓ.ನಂ/553	ಸಹಿ/-ಪೌರಾಯುಕ್ತರು, ನಗರಸಭೆ ಹೊಸಪೇಟೆ.
OWNER , PUBLISHER & PRINTER K. M. REKHA PUBLISHED AT HOSPET TIMES, APOORVA OFFSET PRINTERS , SACHIDANAND LANE , MAIN BAZAR , HOSAPETE , BALLARI & PRINTED AT APOORVA OFFSET PRINTERS ,
SACHIDANAND LANE , MAIN BAZAR , HOSAPETE , BALLARI , EDITOR K. M. REKHA. EMAIL : hospettimes@gmail.com, Mob No 94484 41484.
